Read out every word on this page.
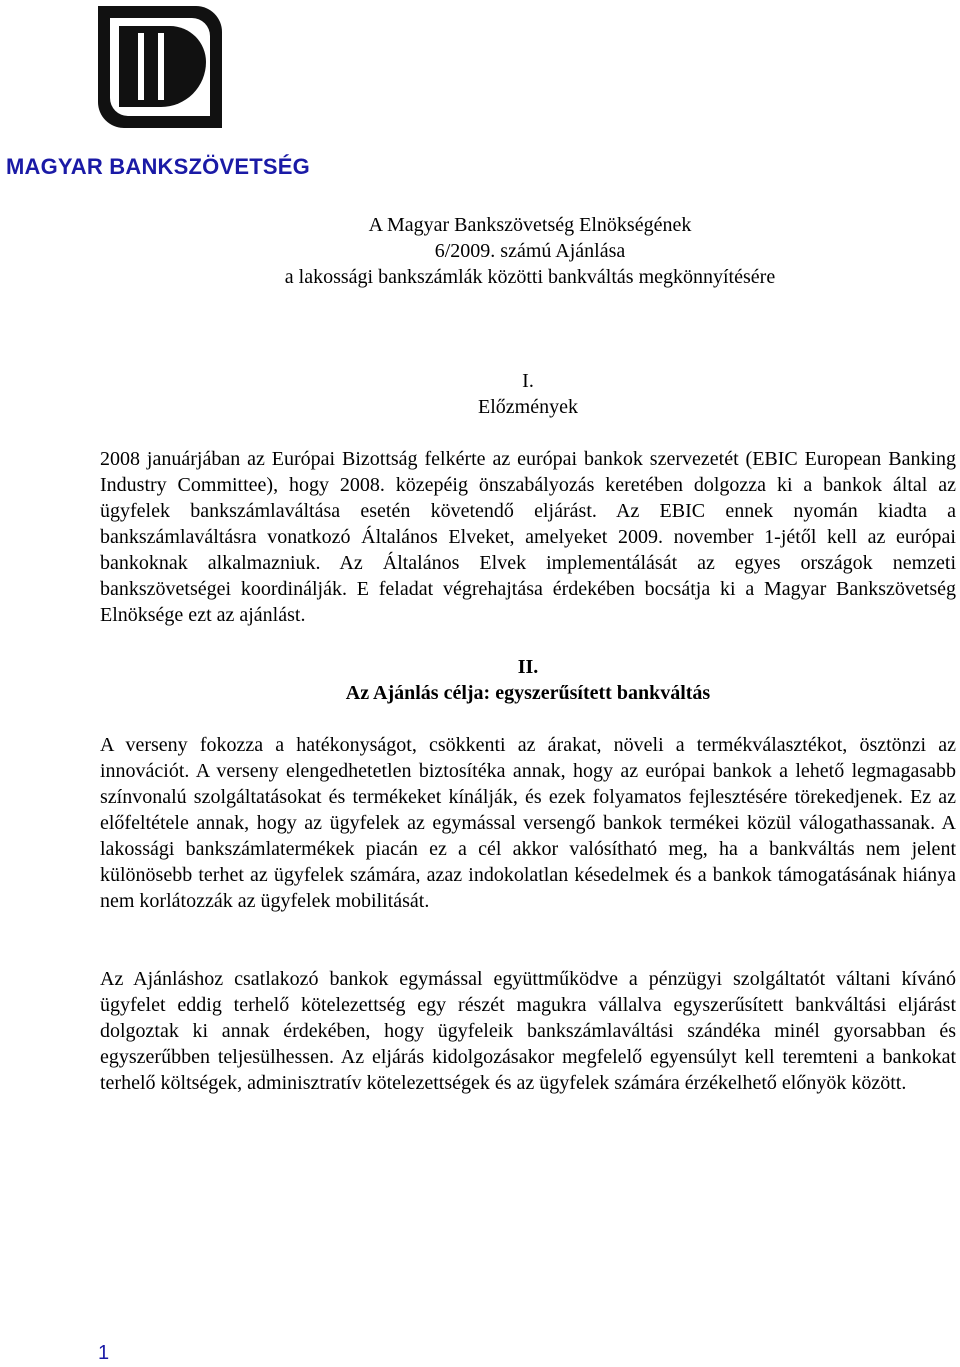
MAGYAR BANKSZÖVETSÉG
A Magyar Bankszövetség Elnökségének
6/2009. számú Ajánlása
a lakossági bankszámlák közötti bankváltás megkönnyítésére
I.
Előzmények

2008 januárjában az Európai Bizottság felkérte az európai bankok szervezetét (EBIC European Banking Industry Committee), hogy 2008. közepéig önszabályozás keretében dolgozza ki a bankok által az ügyfelek bankszámlaváltása esetén követendő eljárást. Az EBIC ennek nyomán kiadta a bankszámlaváltásra vonatkozó Általános Elveket, amelyeket 2009. november 1-jétől kell az európai bankoknak alkalmazniuk. Az Általános Elvek implementálását az egyes országok nemzeti bankszövetségei koordinálják. E feladat végrehajtása érdekében bocsátja ki a Magyar Bankszövetség Elnöksége ezt az ajánlást.

II.
Az Ajánlás célja: egyszerűsített bankváltás

A verseny fokozza a hatékonyságot, csökkenti az árakat, növeli a termékválasztékot, ösztönzi az innovációt. A verseny elengedhetetlen biztosítéka annak, hogy az európai bankok a lehető legmagasabb színvonalú szolgáltatásokat és termékeket kínálják, és ezek folyamatos fejlesztésére törekedjenek. Ez az előfeltétele annak, hogy az ügyfelek az egymással versengő bankok termékei közül válogathassanak. A lakossági bankszámlatermékek piacán ez a cél akkor valósítható meg, ha a bankváltás nem jelent különösebb terhet az ügyfelek számára, azaz indokolatlan késedelmek és a bankok támogatásának hiánya nem korlátozzák az ügyfelek mobilitását.

Az Ajánláshoz csatlakozó bankok egymással együttműködve a pénzügyi szolgáltatót váltani kívánó ügyfelet eddig terhelő kötelezettség egy részét magukra vállalva egyszerűsített bankváltási eljárást dolgoztak ki annak érdekében, hogy ügyfeleik bankszámlaváltási szándéka minél gyorsabban és egyszerűbben teljesülhessen. Az eljárás kidolgozásakor megfelelő egyensúlyt kell teremteni a bankokat terhelő költségek, adminisztratív kötelezettségek és az ügyfelek számára érzékelhető előnyök között.

1
